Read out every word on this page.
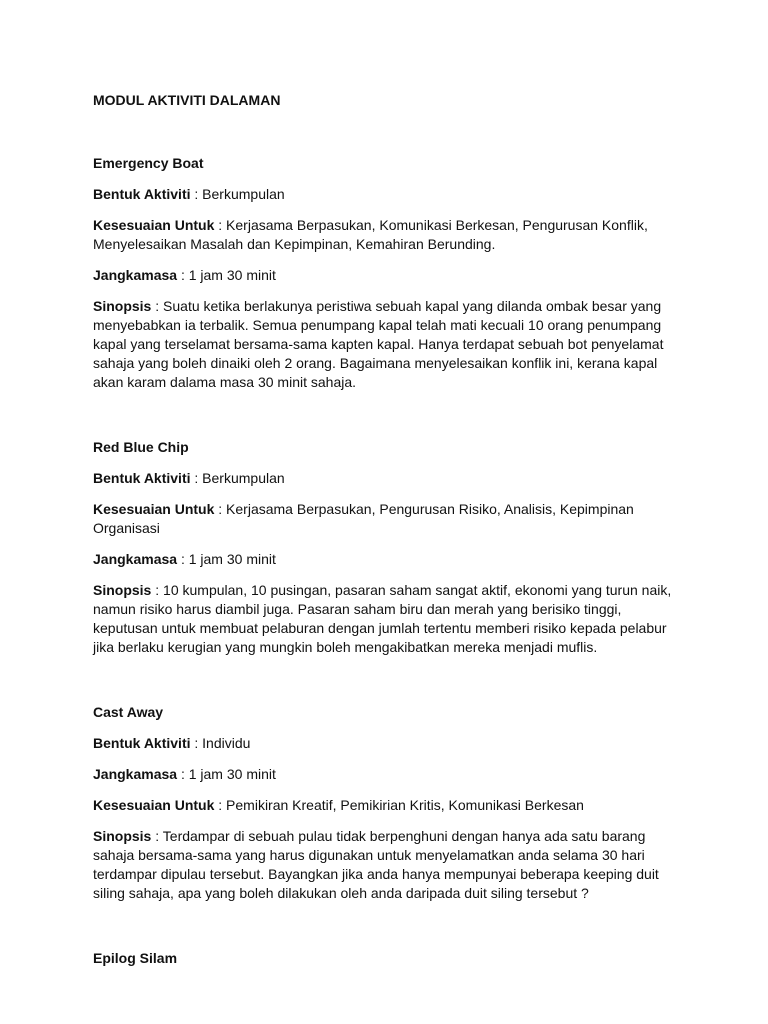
MODUL AKTIVITI DALAMAN
Emergency Boat
Bentuk Aktiviti : Berkumpulan
Kesesuaian Untuk : Kerjasama Berpasukan, Komunikasi Berkesan, Pengurusan Konflik, Menyelesaikan Masalah dan Kepimpinan, Kemahiran Berunding.
Jangkamasa : 1 jam 30 minit
Sinopsis : Suatu ketika berlakunya peristiwa sebuah kapal yang dilanda ombak besar yang menyebabkan ia terbalik. Semua penumpang kapal telah mati kecuali 10 orang penumpang kapal yang terselamat bersama-sama kapten kapal. Hanya terdapat sebuah bot penyelamat sahaja yang boleh dinaiki oleh 2 orang. Bagaimana menyelesaikan konflik ini, kerana kapal akan karam dalama masa 30 minit sahaja.
Red Blue Chip
Bentuk Aktiviti : Berkumpulan
Kesesuaian Untuk : Kerjasama Berpasukan, Pengurusan Risiko, Analisis, Kepimpinan Organisasi
Jangkamasa : 1 jam 30 minit
Sinopsis : 10 kumpulan, 10 pusingan, pasaran saham sangat aktif, ekonomi yang turun naik, namun risiko harus diambil juga. Pasaran saham biru dan merah yang berisiko tinggi, keputusan untuk membuat pelaburan dengan jumlah tertentu memberi risiko kepada pelabur jika berlaku kerugian yang mungkin boleh mengakibatkan mereka menjadi muflis.
Cast Away
Bentuk Aktiviti : Individu
Jangkamasa : 1 jam 30 minit
Kesesuaian Untuk : Pemikiran Kreatif, Pemikirian Kritis, Komunikasi Berkesan
Sinopsis : Terdampar di sebuah pulau tidak berpenghuni dengan hanya ada satu barang sahaja bersama-sama yang harus digunakan untuk menyelamatkan anda selama 30 hari terdampar dipulau tersebut. Bayangkan jika anda hanya mempunyai beberapa keeping duit siling sahaja, apa yang boleh dilakukan oleh anda daripada duit siling tersebut ?
Epilog Silam
